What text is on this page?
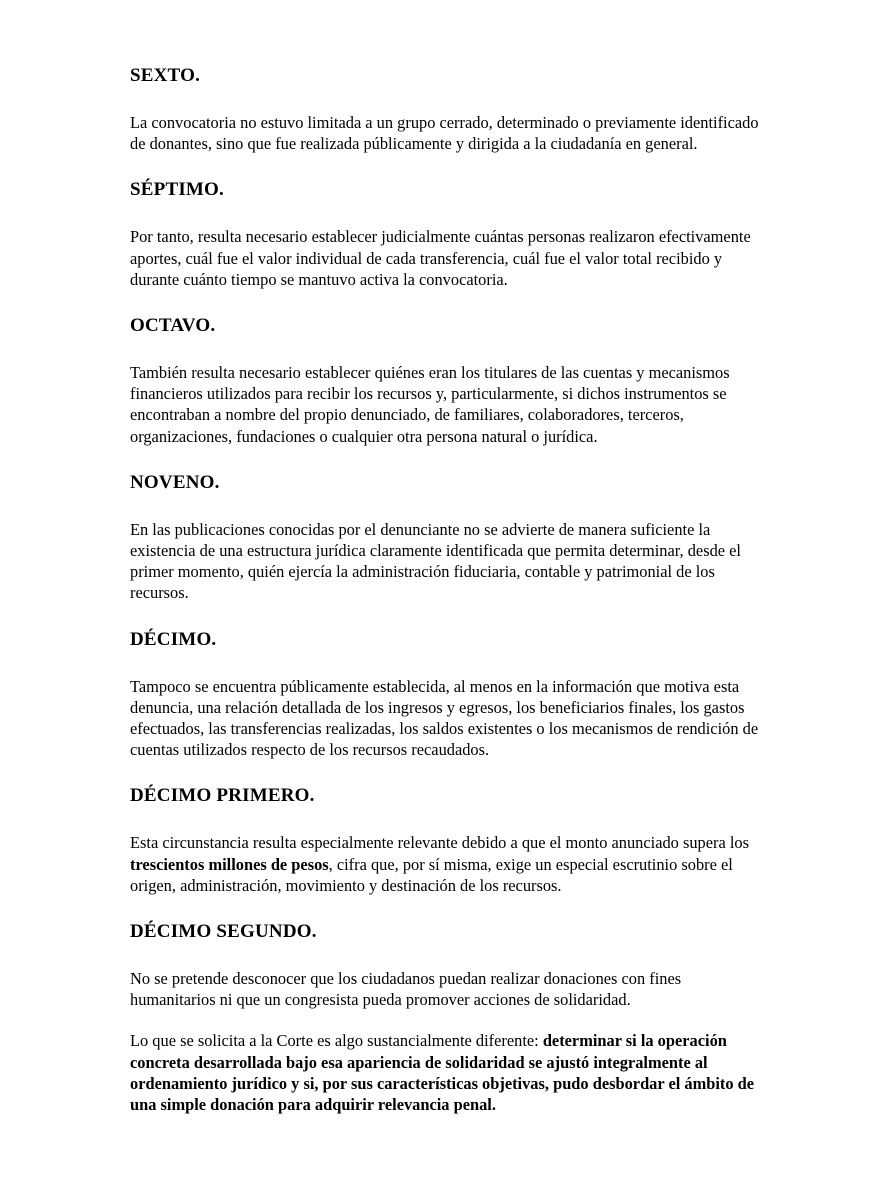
SEXTO.

La convocatoria no estuvo limitada a un grupo cerrado, determinado o previamente identificado de donantes, sino que fue realizada públicamente y dirigida a la ciudadanía en general.

SÉPTIMO.

Por tanto, resulta necesario establecer judicialmente cuántas personas realizaron efectivamente aportes, cuál fue el valor individual de cada transferencia, cuál fue el valor total recibido y durante cuánto tiempo se mantuvo activa la convocatoria.

OCTAVO.

También resulta necesario establecer quiénes eran los titulares de las cuentas y mecanismos financieros utilizados para recibir los recursos y, particularmente, si dichos instrumentos se encontraban a nombre del propio denunciado, de familiares, colaboradores, terceros, organizaciones, fundaciones o cualquier otra persona natural o jurídica.

NOVENO.

En las publicaciones conocidas por el denunciante no se advierte de manera suficiente la existencia de una estructura jurídica claramente identificada que permita determinar, desde el primer momento, quién ejercía la administración fiduciaria, contable y patrimonial de los recursos.

DÉCIMO.

Tampoco se encuentra públicamente establecida, al menos en la información que motiva esta denuncia, una relación detallada de los ingresos y egresos, los beneficiarios finales, los gastos efectuados, las transferencias realizadas, los saldos existentes o los mecanismos de rendición de cuentas utilizados respecto de los recursos recaudados.

DÉCIMO PRIMERO.

Esta circunstancia resulta especialmente relevante debido a que el monto anunciado supera los trescientos millones de pesos, cifra que, por sí misma, exige un especial escrutinio sobre el origen, administración, movimiento y destinación de los recursos.

DÉCIMO SEGUNDO.

No se pretende desconocer que los ciudadanos puedan realizar donaciones con fines humanitarios ni que un congresista pueda promover acciones de solidaridad.

Lo que se solicita a la Corte es algo sustancialmente diferente: determinar si la operación concreta desarrollada bajo esa apariencia de solidaridad se ajustó integralmente al ordenamiento jurídico y si, por sus características objetivas, pudo desbordar el ámbito de una simple donación para adquirir relevancia penal.
